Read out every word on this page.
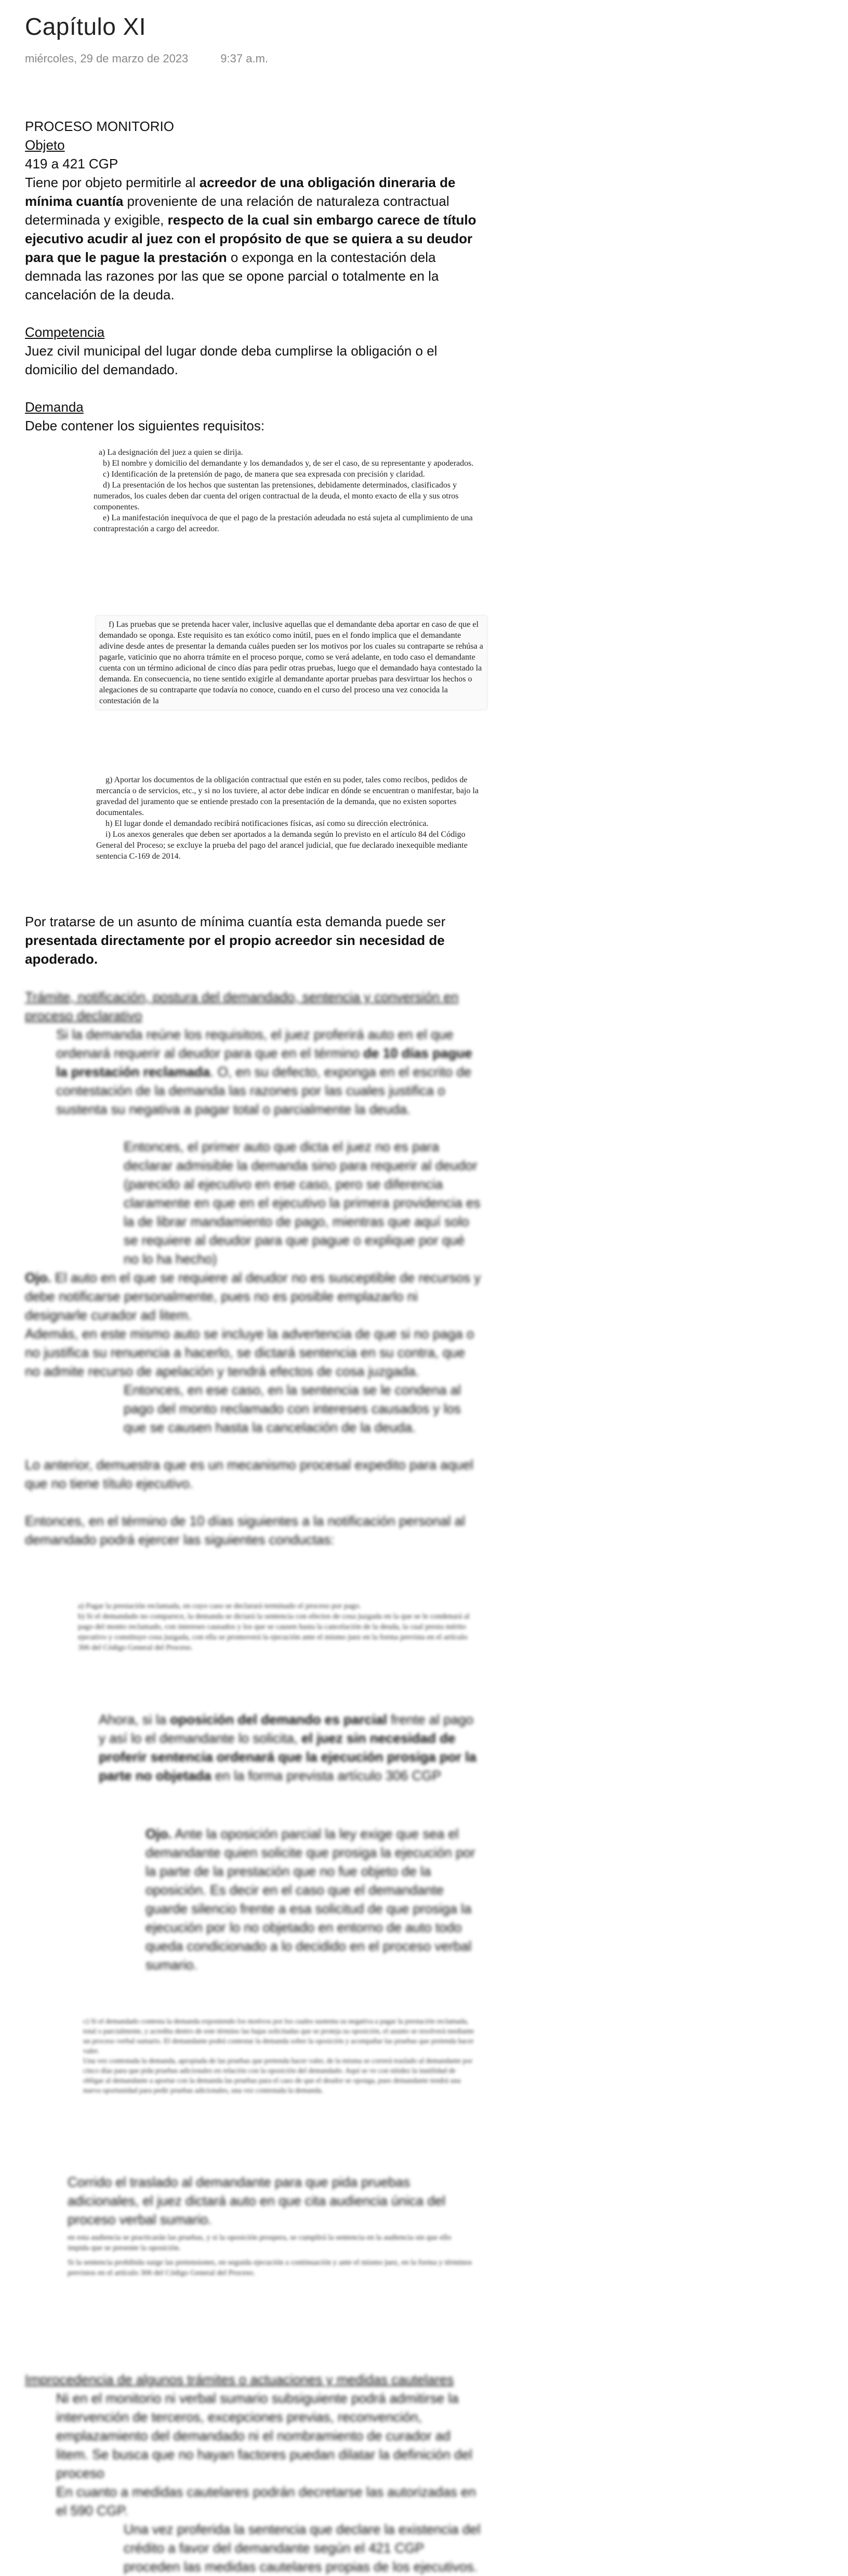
Capítulo XI
miércoles, 29 de marzo de 2023	9:37 a.m.

PROCESO MONITORIO

Objeto

419 a 421 CGP

Tiene por objeto permitirle al acreedor de una obligación dineraria de mínima cuantía proveniente de una relación de naturaleza contractual determinada y exigible, respecto de la cual sin embargo carece de título ejecutivo acudir al juez con el propósito de que se quiera a su deudor para que le pague la prestación o exponga en la contestación dela demnada las razones por las que se opone parcial o totalmente en la cancelación de la deuda.

Competencia

Juez civil municipal del lugar donde deba cumplirse la obligación o el domicilio del demandado.

Demanda

Debe contener los siguientes requisitos:

a) La designación del juez a quien se dirija.

b) El nombre y domicilio del demandante y los demandados y, de ser el caso, de su representante y apoderados.

c) Identificación de la pretensión de pago, de manera que sea expresada con precisión y claridad.

d) La presentación de los hechos que sustentan las pretensiones, debidamente determinados, clasificados y numerados, los cuales deben dar cuenta del origen contractual de la deuda, el monto exacto de ella y sus otros componentes.

e) La manifestación inequívoca de que el pago de la prestación adeudada no está sujeta al cumplimiento de una contraprestación a cargo del acreedor.

f) Las pruebas que se pretenda hacer valer, inclusive aquellas que el demandante deba aportar en caso de que el demandado se oponga. Este requisito es tan exótico como inútil, pues en el fondo implica que el demandante adivine desde antes de presentar la demanda cuáles pueden ser los motivos por los cuales su contraparte se rehúsa a pagarle, vaticinio que no ahorra trámite en el proceso porque, como se verá adelante, en todo caso el demandante cuenta con un término adicional de cinco días para pedir otras pruebas, luego que el demandado haya contestado la demanda. En consecuencia, no tiene sentido exigirle al demandante aportar pruebas para desvirtuar los hechos o alegaciones de su contraparte que todavía no conoce, cuando en el curso del proceso una vez conocida la contestación de la

g) Aportar los documentos de la obligación contractual que estén en su poder, tales como recibos, pedidos de mercancía o de servicios, etc., y si no los tuviere, al actor debe indicar en dónde se encuentran o manifestar, bajo la gravedad del juramento que se entiende prestado con la presentación de la demanda, que no existen soportes documentales.

h) El lugar donde el demandado recibirá notificaciones físicas, así como su dirección electrónica.

i) Los anexos generales que deben ser aportados a la demanda según lo previsto en el artículo 84 del Código General del Proceso; se excluye la prueba del pago del arancel judicial, que fue declarado inexequible mediante sentencia C-169 de 2014.

Por tratarse de un asunto de mínima cuantía esta demanda puede ser presentada directamente por el propio acreedor sin necesidad de apoderado.

Trámite, notificación, postura del demandado, sentencia y conversión en proceso declarativo

Si la demanda reúne los requisitos, el juez proferirá auto en el que ordenará requerir al deudor para que en el término de 10 días pague la prestación reclamada. O, en su defecto, exponga en el escrito de contestación de la demanda las razones por las cuales justifica o sustenta su negativa a pagar total o parcialmente la deuda.

Entonces, el primer auto que dicta el juez no es para declarar admisible la demanda sino para requerir al deudor (parecido al ejecutivo en ese caso, pero se diferencia claramente en que en el ejecutivo la primera providencia es la de librar mandamiento de pago, mientras que aquí solo se requiere al deudor para que pague o explique por qué no lo ha hecho)

Ojo. El auto en el que se requiere al deudor no es susceptible de recursos y debe notificarse personalmente, pues no es posible emplazarlo ni designarle curador ad litem.

Además, en este mismo auto se incluye la advertencia de que si no paga o no justifica su renuencia a hacerlo, se dictará sentencia en su contra, que no admite recurso de apelación y tendrá efectos de cosa juzgada.

Entonces, en ese caso, en la sentencia se le condena al pago del monto reclamado con intereses causados y los que se causen hasta la cancelación de la deuda.

Lo anterior, demuestra que es un mecanismo procesal expedito para aquel que no tiene título ejecutivo.

Entonces, en el término de 10 días siguientes a la notificación personal al demandado podrá ejercer las siguientes conductas:

a) Pagar la prestación reclamada, en cuyo caso se declarará terminado el proceso por pago.

b) Si el demandado no comparece, la demanda se dictará la sentencia con efectos de cosa juzgada en la que se le condenará al pago del monto reclamado, con intereses causados y los que se causen hasta la cancelación de la deuda, la cual presta mérito ejecutivo y constituye cosa juzgada, con ella se promoverá la ejecución ante el mismo juez en la forma prevista en el artículo 306 del Código General del Proceso.

Ahora, si la oposición del demando es parcial frente al pago y así lo el demandante lo solicita, el juez sin necesidad de proferir sentencia ordenará que la ejecución prosiga por la parte no objetada en la forma prevista artículo 306 CGP

Ojo. Ante la oposición parcial la ley exige que sea el demandante quien solicite que prosiga la ejecución por la parte de la prestación que no fue objeto de la oposición. Es decir en el caso que el demandante guarde silencio frente a esa solicitud de que prosiga la ejecución por lo no objetado en entorno de auto todo queda condicionado a lo decidido en el proceso verbal sumario.

c) Si el demandado contesta la demanda exponiendo los motivos por los cuales sustenta su negativa a pagar la prestación reclamada, total o parcialmente, y acredita dentro de este término las bajas solicitadas que se proteja su oposición, el asunto se resolverá mediante un proceso verbal sumario. El demandante podrá contestar la demanda sobre la oposición y acompañar las pruebas que pretenda hacer valer.

Una vez contestada la demanda, apropiada de las pruebas que pretenda hacer valer, de la misma se correrá traslado al demandante por cinco días para que pida pruebas adicionales en relación con la oposición del demandado. Aquí se ve con nitidez la inutilidad de obligar al demandante a aportar con la demanda las pruebas para el caso de que el deudor se oponga, pues demandante tendrá una nueva oportunidad para pedir pruebas adicionales, una vez contestada la demanda.

Corrido el traslado al demandante para que pida pruebas adicionales, el juez dictará auto en que cita audiencia única del proceso verbal sumario.

en esta audiencia se practicarán las pruebas, y si la oposición prospera, se cumplirá la sentencia en la audiencia sin que ello impida que se presente la oposición.

Si la sentencia prohibida surge las pretensiones, en seguida ejecución a continuación y ante el mismo juez, en la forma y términos previstos en el artículo 306 del Código General del Proceso.

Improcedencia de algunos trámites o actuaciones y medidas cautelares

Ni en el monitorio ni verbal sumario subsiguiente podrá admitirse la intervención de terceros, excepciones previas, reconvención, emplazamiento del demandado ni el nombramiento de curador ad litem. Se busca que no hayan factores puedan dilatar la definición del proceso

En cuanto a medidas cautelares podrán decretarse las autorizadas en el 590 CGP.

Una vez proferida la sentencia que declare la existencia del crédito a favor del demandante según el 421 CGP proceden las medidas cautelares propias de los ejecutivos.
